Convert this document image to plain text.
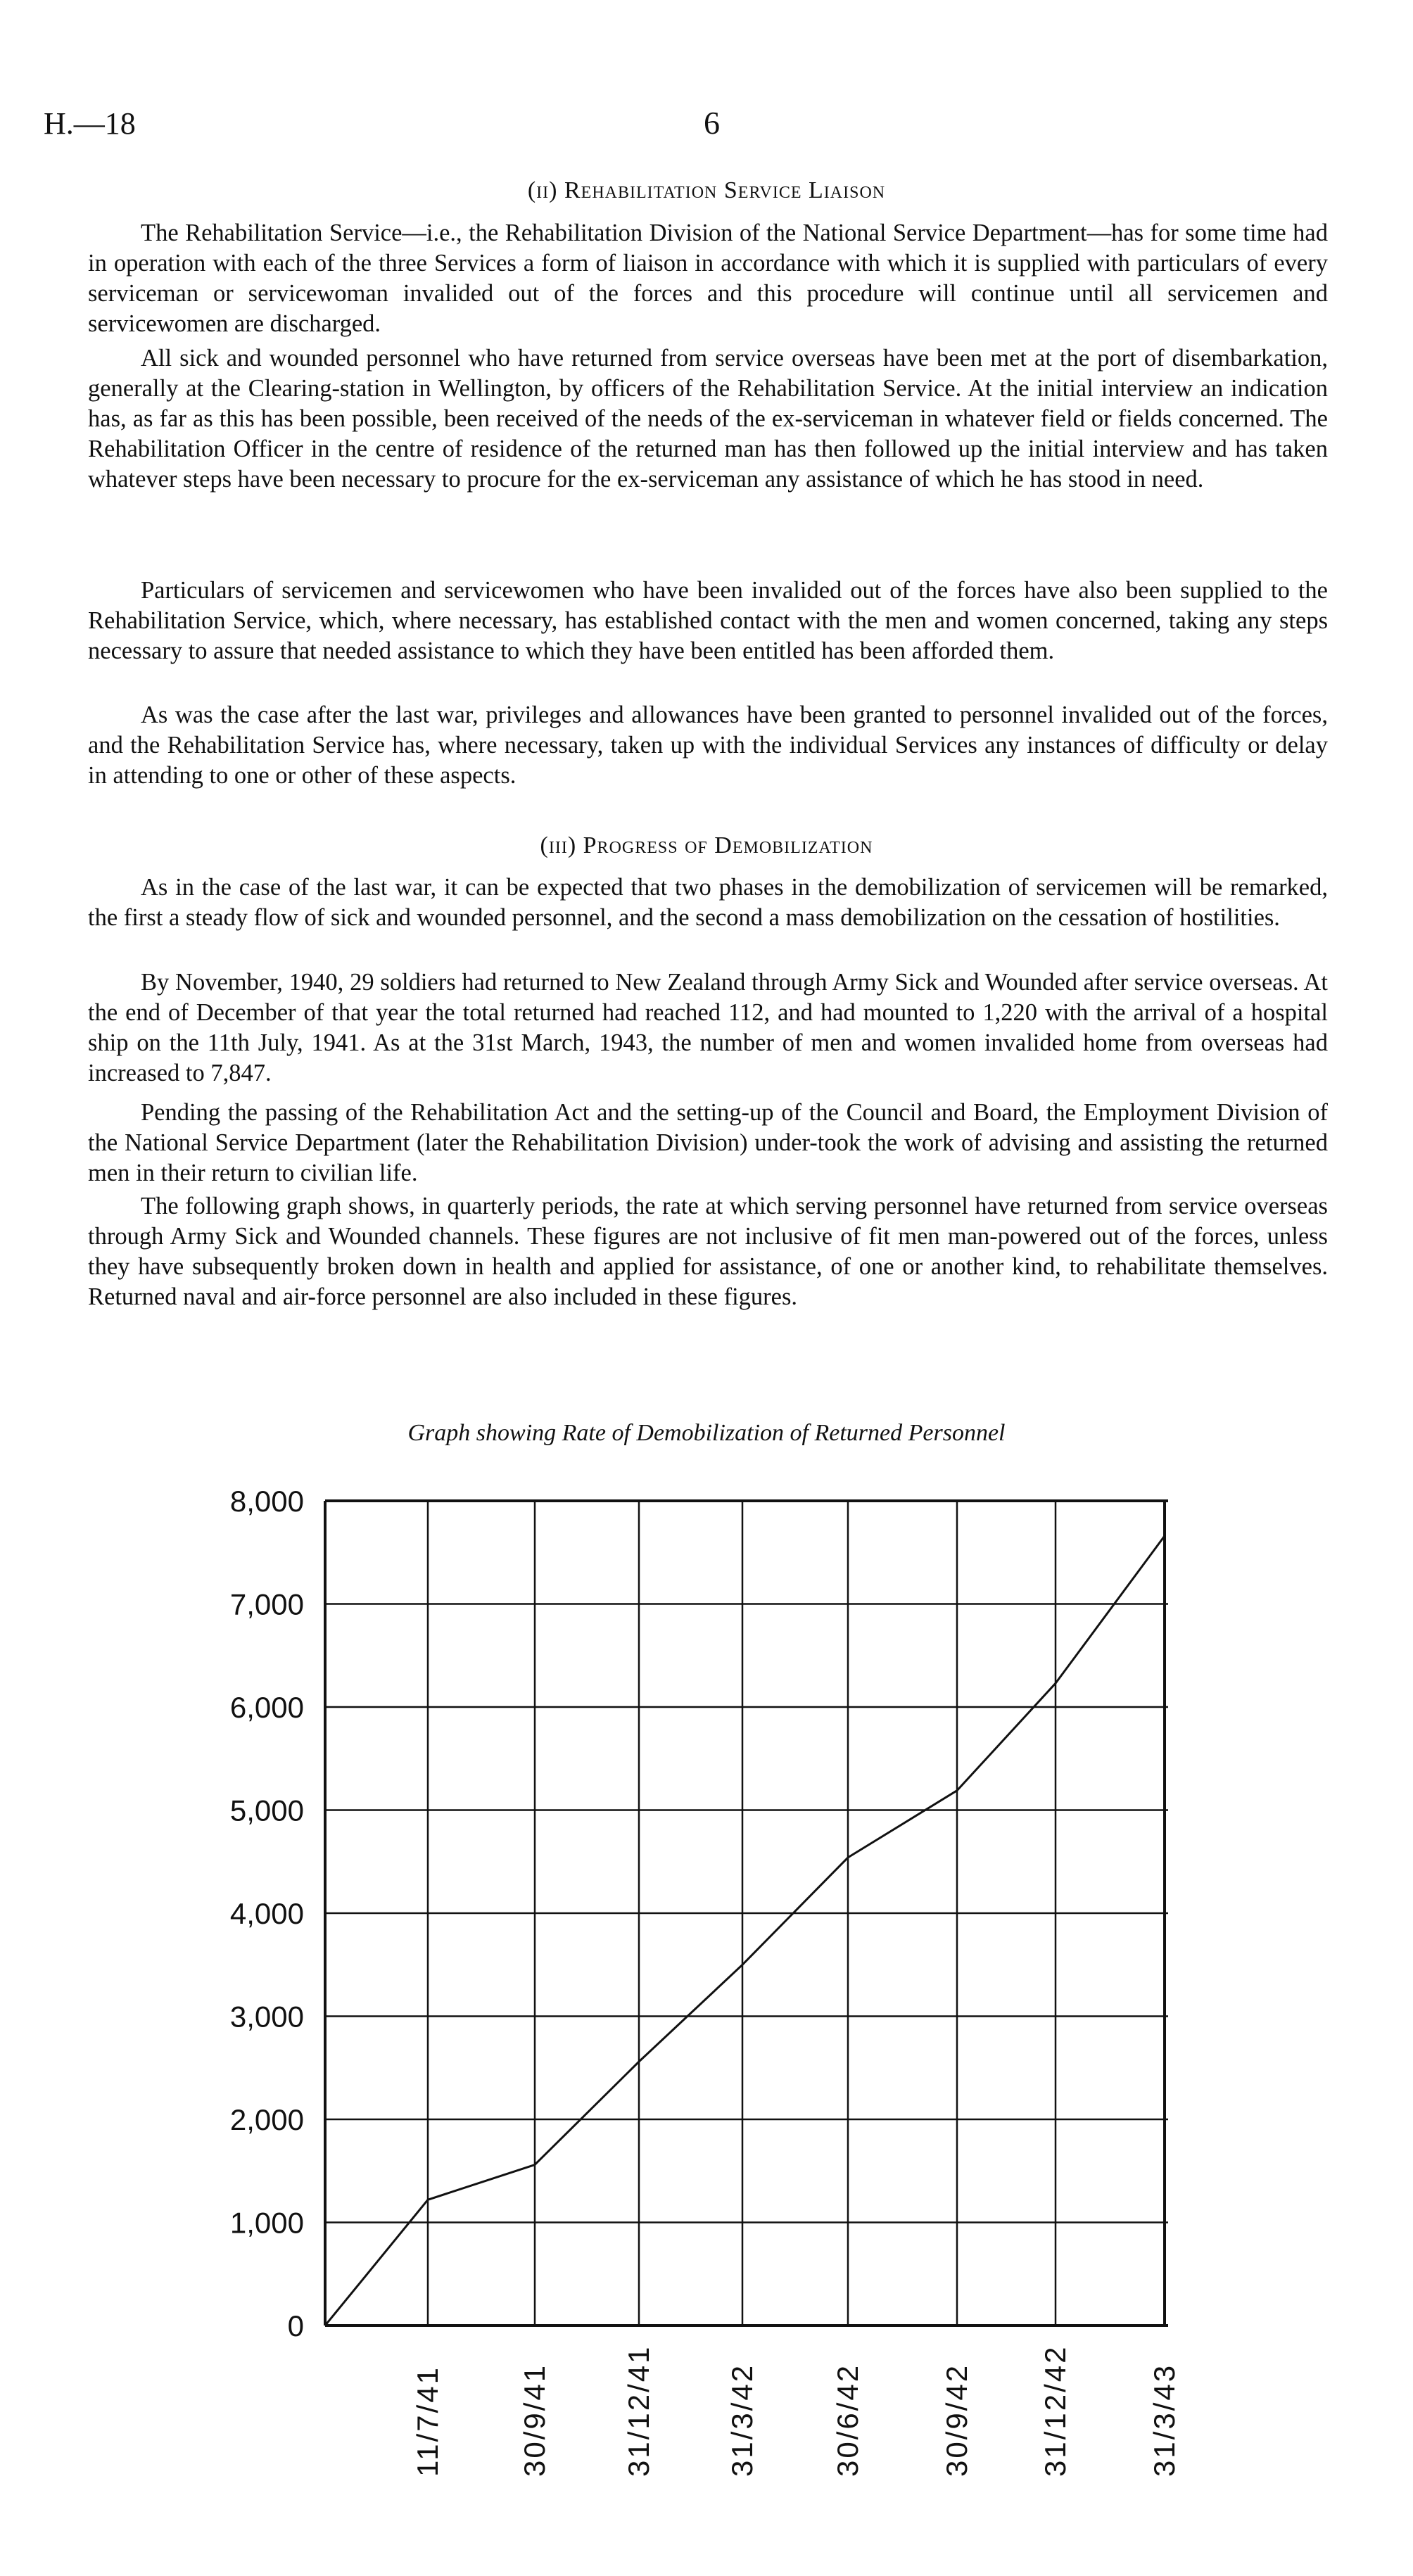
H.—18	6
(ii) Rehabilitation Service Liaison
The Rehabilitation Service—i.e., the Rehabilitation Division of the National Service Department—has for some time had in operation with each of the three Services a form of liaison in accordance with which it is supplied with particulars of every serviceman or servicewoman invalided out of the forces and this procedure will continue until all servicemen and servicewomen are discharged.
All sick and wounded personnel who have returned from service overseas have been met at the port of disembarkation, generally at the Clearing-station in Wellington, by officers of the Rehabilitation Service. At the initial interview an indication has, as far as this has been possible, been received of the needs of the ex-serviceman in whatever field or fields concerned. The Rehabilitation Officer in the centre of residence of the returned man has then followed up the initial interview and has taken whatever steps have been necessary to procure for the ex-serviceman any assistance of which he has stood in need.
Particulars of servicemen and servicewomen who have been invalided out of the forces have also been supplied to the Rehabilitation Service, which, where necessary, has established contact with the men and women concerned, taking any steps necessary to assure that needed assistance to which they have been entitled has been afforded them.
As was the case after the last war, privileges and allowances have been granted to personnel invalided out of the forces, and the Rehabilitation Service has, where necessary, taken up with the individual Services any instances of difficulty or delay in attending to one or other of these aspects.
(iii) Progress of Demobilization
As in the case of the last war, it can be expected that two phases in the demobilization of servicemen will be remarked, the first a steady flow of sick and wounded personnel, and the second a mass demobilization on the cessation of hostilities.
By November, 1940, 29 soldiers had returned to New Zealand through Army Sick and Wounded after service overseas. At the end of December of that year the total returned had reached 112, and had mounted to 1,220 with the arrival of a hospital ship on the 11th July, 1941. As at the 31st March, 1943, the number of men and women invalided home from overseas had increased to 7,847.
Pending the passing of the Rehabilitation Act and the setting-up of the Council and Board, the Employment Division of the National Service Department (later the Rehabilitation Division) under-took the work of advising and assisting the returned men in their return to civilian life.
The following graph shows, in quarterly periods, the rate at which serving personnel have returned from service overseas through Army Sick and Wounded channels. These figures are not inclusive of fit men man-powered out of the forces, unless they have subsequently broken down in health and applied for assistance, of one or another kind, to rehabilitate themselves. Returned naval and air-force personnel are also included in these figures.
Graph showing Rate of Demobilization of Returned Personnel
0
1,000
2,000
3,000
4,000
5,000
6,000
7,000
8,000
11/7/41	30/9/41 31/12/41 31/3/42 30/6/42	30/9/42 31/12/42	31/3/43
